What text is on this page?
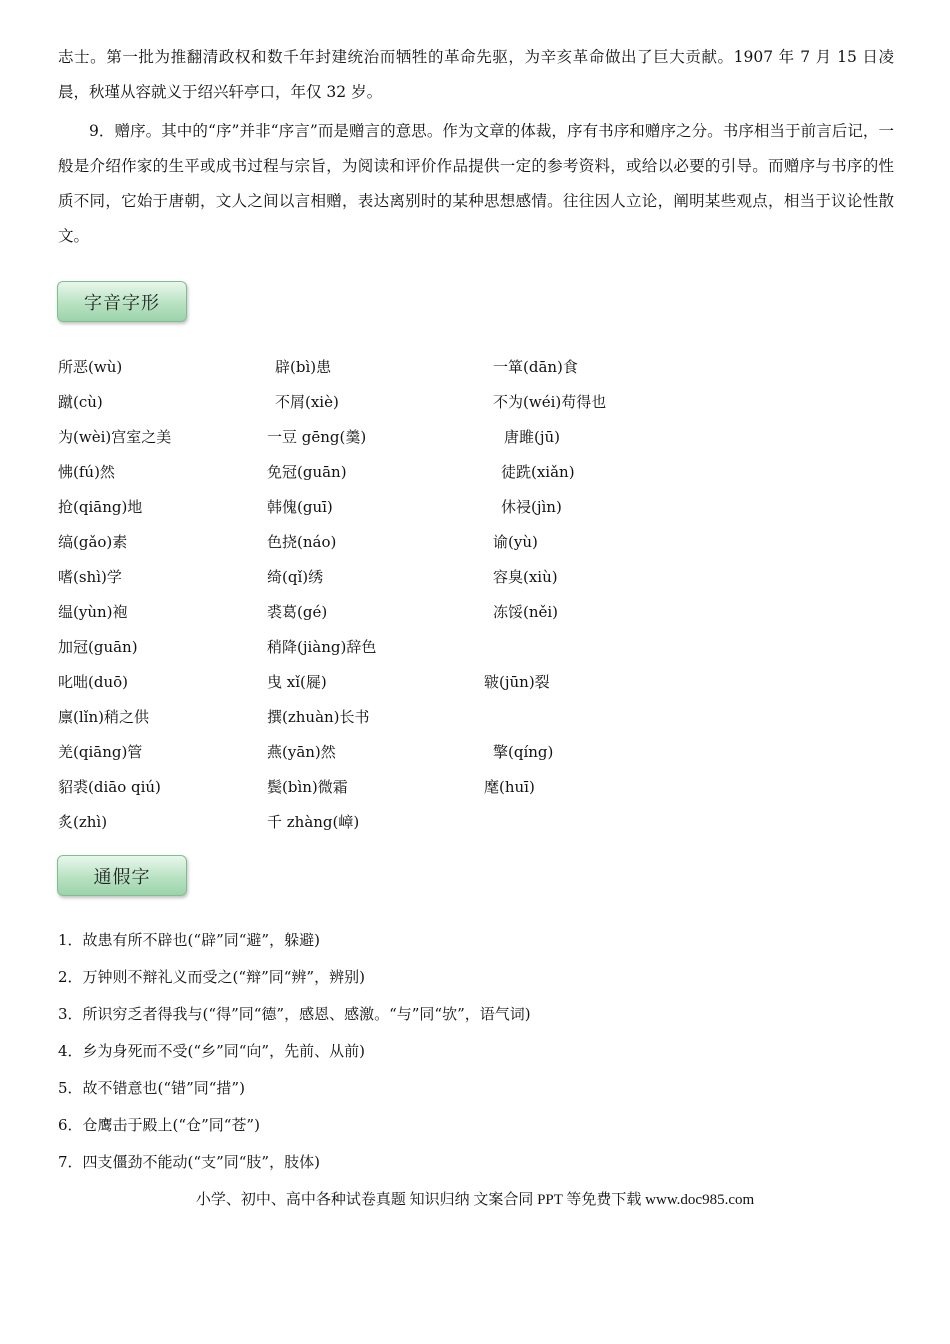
志士。第一批为推翻清政权和数千年封建统治而牺牲的革命先驱，为辛亥革命做出了巨大贡献。1907 年 7 月 15 日凌晨，秋瑾从容就义于绍兴轩亭口，年仅 32 岁。

9．赠序。其中的“序”并非“序言”而是赠言的意思。作为文章的体裁，序有书序和赠序之分。书序相当于前言后记，一般是介绍作家的生平或成书过程与宗旨，为阅读和评价作品提供一定的参考资料，或给以必要的引导。而赠序与书序的性质不同，它始于唐朝，文人之间以言相赠，表达离别时的某种思想感情。往往因人立论，阐明某些观点，相当于议论性散文。

字音字形
所恶(wù)	辟(bì)患	一箪(dān)食
蹴(cù)	不屑(xiè)	不为(wéi)苟得也
为(wèi)宫室之美	一豆 gēng(羹)	唐雎(jū)
怫(fú)然	免冠(guān)	徒跣(xiǎn)
抢(qiāng)地	韩傀(guī)	休祲(jìn)
缟(gǎo)素	色挠(náo)	谕(yù)
嗜(shì)学	绮(qǐ)绣	容臭(xiù)
缊(yùn)袍	裘葛(gé)	冻馁(něi)
加冠(guān)	稍降(jiàng)辞色
叱咄(duō)	曳 xǐ(屣)	皲(jūn)裂
廪(lǐn)稍之供	撰(zhuàn)长书
羌(qiāng)管	燕(yān)然	擎(qíng)
貂裘(diāo qiú)	鬓(bìn)微霜	麾(huī)
炙(zhì)	千 zhàng(嶂)
通假字
1．故患有所不辟也(“辟”同“避”，躲避)
2．万钟则不辩礼义而受之(“辩”同“辨”，辨别)
3．所识穷乏者得我与(“得”同“德”，感恩、感激。“与”同“欤”，语气词)
4．乡为身死而不受(“乡”同“向”，先前、从前)
5．故不错意也(“错”同“措”)
6．仓鹰击于殿上(“仓”同“苍”)
7．四支僵劲不能动(“支”同“肢”，肢体)
小学、初中、高中各种试卷真题 知识归纳 文案合同 PPT 等免费下载 www.doc985.com
